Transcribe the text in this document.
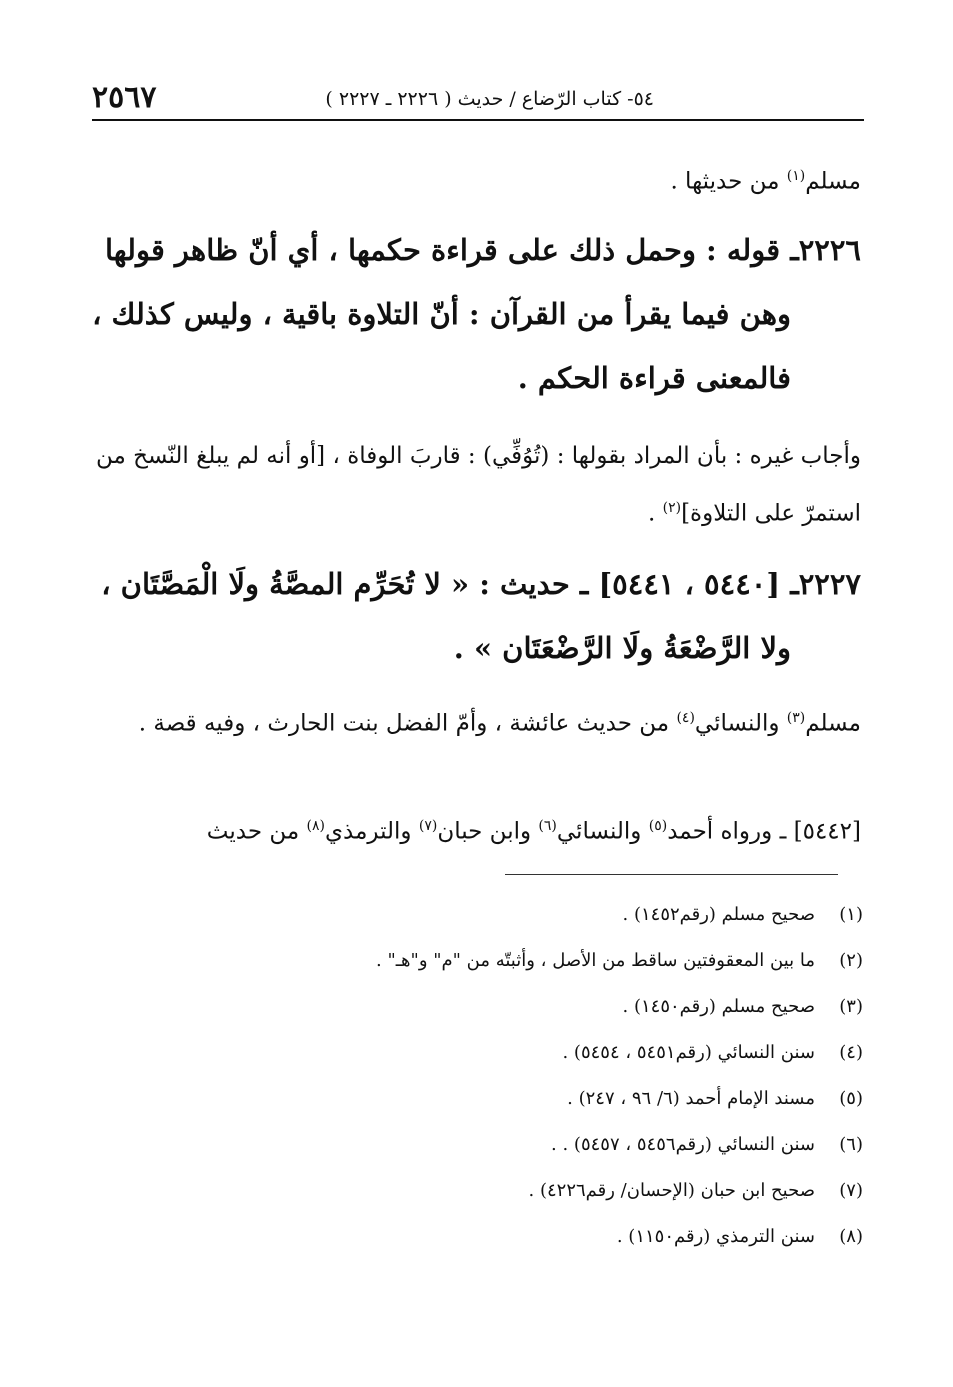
٢٥٦٧	٥٤- كتاب الرّضاع / حديث ( ٢٢٢٦ ـ ٢٢٢٧ )
مسلم$^{(١)}$ من حديثها .
٢٢٢٦ـ قوله : وحمل ذلك على قراءة حكمها ، أي أنّ ظاهر قولها
وهن فيما يقرأ من القرآن : أنّ التلاوة باقية ، وليس كذلك ،
فالمعنى قراءة الحكم .
وأجاب غيره : بأن المراد بقولها : (تُوُفِّي) : قاربَ الوفاة ، [أو أنه لم يبلغ النّسخ من استمرّ على التلاوة]$^{(٢)}$ .
٢٢٢٧ـ [٥٤٤٠ ، ٥٤٤١] ـ حديث : « لا تُحَرِّم المصَّةُ ولَا الْمَصَّتَان ،
ولا الرَّضْعَةُ ولَا الرَّضْعَتَان » .
مسلم$^{(٣)}$ والنسائي$^{(٤)}$ من حديث عائشة ، وأمّ الفضل بنت الحارث ، وفيه قصة .
[٥٤٤٢] ـ ورواه أحمد$^{(٥)}$ والنسائي$^{(٦)}$ وابن حبان$^{(٧)}$ والترمذي$^{(٨)}$ من حديث
(١)صحيح مسلم (رقم١٤٥٢) .
(٢)ما بين المعقوفتين ساقط من الأصل ، وأثبتّه من "م" و"هـ" .
(٣)صحيح مسلم (رقم١٤٥٠) .
(٤)سنن النسائي (رقم٥٤٥١ ، ٥٤٥٤) .
(٥)مسند الإمام أحمد (٦/ ٩٦ ، ٢٤٧) .
(٦)سنن النسائي (رقم٥٤٥٦ ، ٥٤٥٧) . .
(٧)صحيح ابن حبان (الإحسان/ رقم٤٢٢٦) .
(٨)سنن الترمذي (رقم١١٥٠) .
